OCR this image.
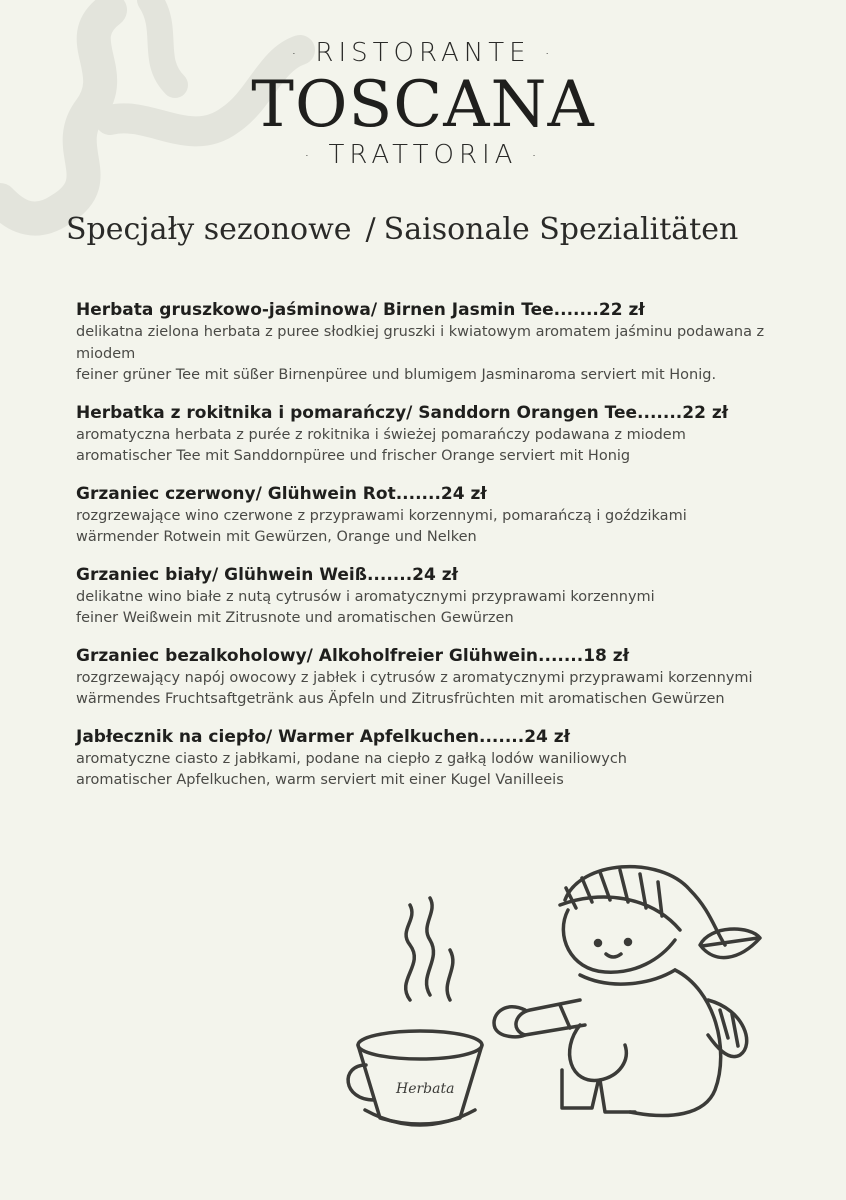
· RISTORANTE ·
TOSCANA
· TRATTORIA ·
Specjały sezonowe / Saisonale Spezialitäten
Herbata gruszkowo-jaśminowa/ Birnen Jasmin Tee.......22 zł
delikatna zielona herbata z puree słodkiej gruszki i kwiatowym aromatem jaśminu podawana z miodem
feiner grüner Tee mit süßer Birnenpüree und blumigem Jasminaroma serviert mit Honig.
Herbatka z rokitnika i pomarańczy/ Sanddorn Orangen Tee.......22 zł
aromatyczna herbata z purée z rokitnika i świeżej pomarańczy podawana z miodem
aromatischer Tee mit Sanddornpüree und frischer Orange serviert mit Honig
Grzaniec czerwony/ Glühwein Rot.......24 zł
rozgrzewające wino czerwone z przyprawami korzennymi, pomarańczą i goździkami
wärmender Rotwein mit Gewürzen, Orange und Nelken
Grzaniec biały/ Glühwein Weiß.......24 zł
delikatne wino białe z nutą cytrusów i aromatycznymi przyprawami korzennymi
feiner Weißwein mit Zitrusnote und aromatischen Gewürzen
Grzaniec bezalkoholowy/ Alkoholfreier Glühwein.......18 zł
rozgrzewający napój owocowy z jabłek i cytrusów z aromatycznymi przyprawami korzennymi
wärmendes Fruchtsaftgetränk aus Äpfeln und Zitrusfrüchten mit aromatischen Gewürzen
Jabłecznik na ciepło/ Warmer Apfelkuchen.......24 zł
aromatyczne ciasto z jabłkami, podane na ciepło z gałką lodów waniliowych
aromatischer Apfelkuchen, warm serviert mit einer Kugel Vanilleeis
Herbata
